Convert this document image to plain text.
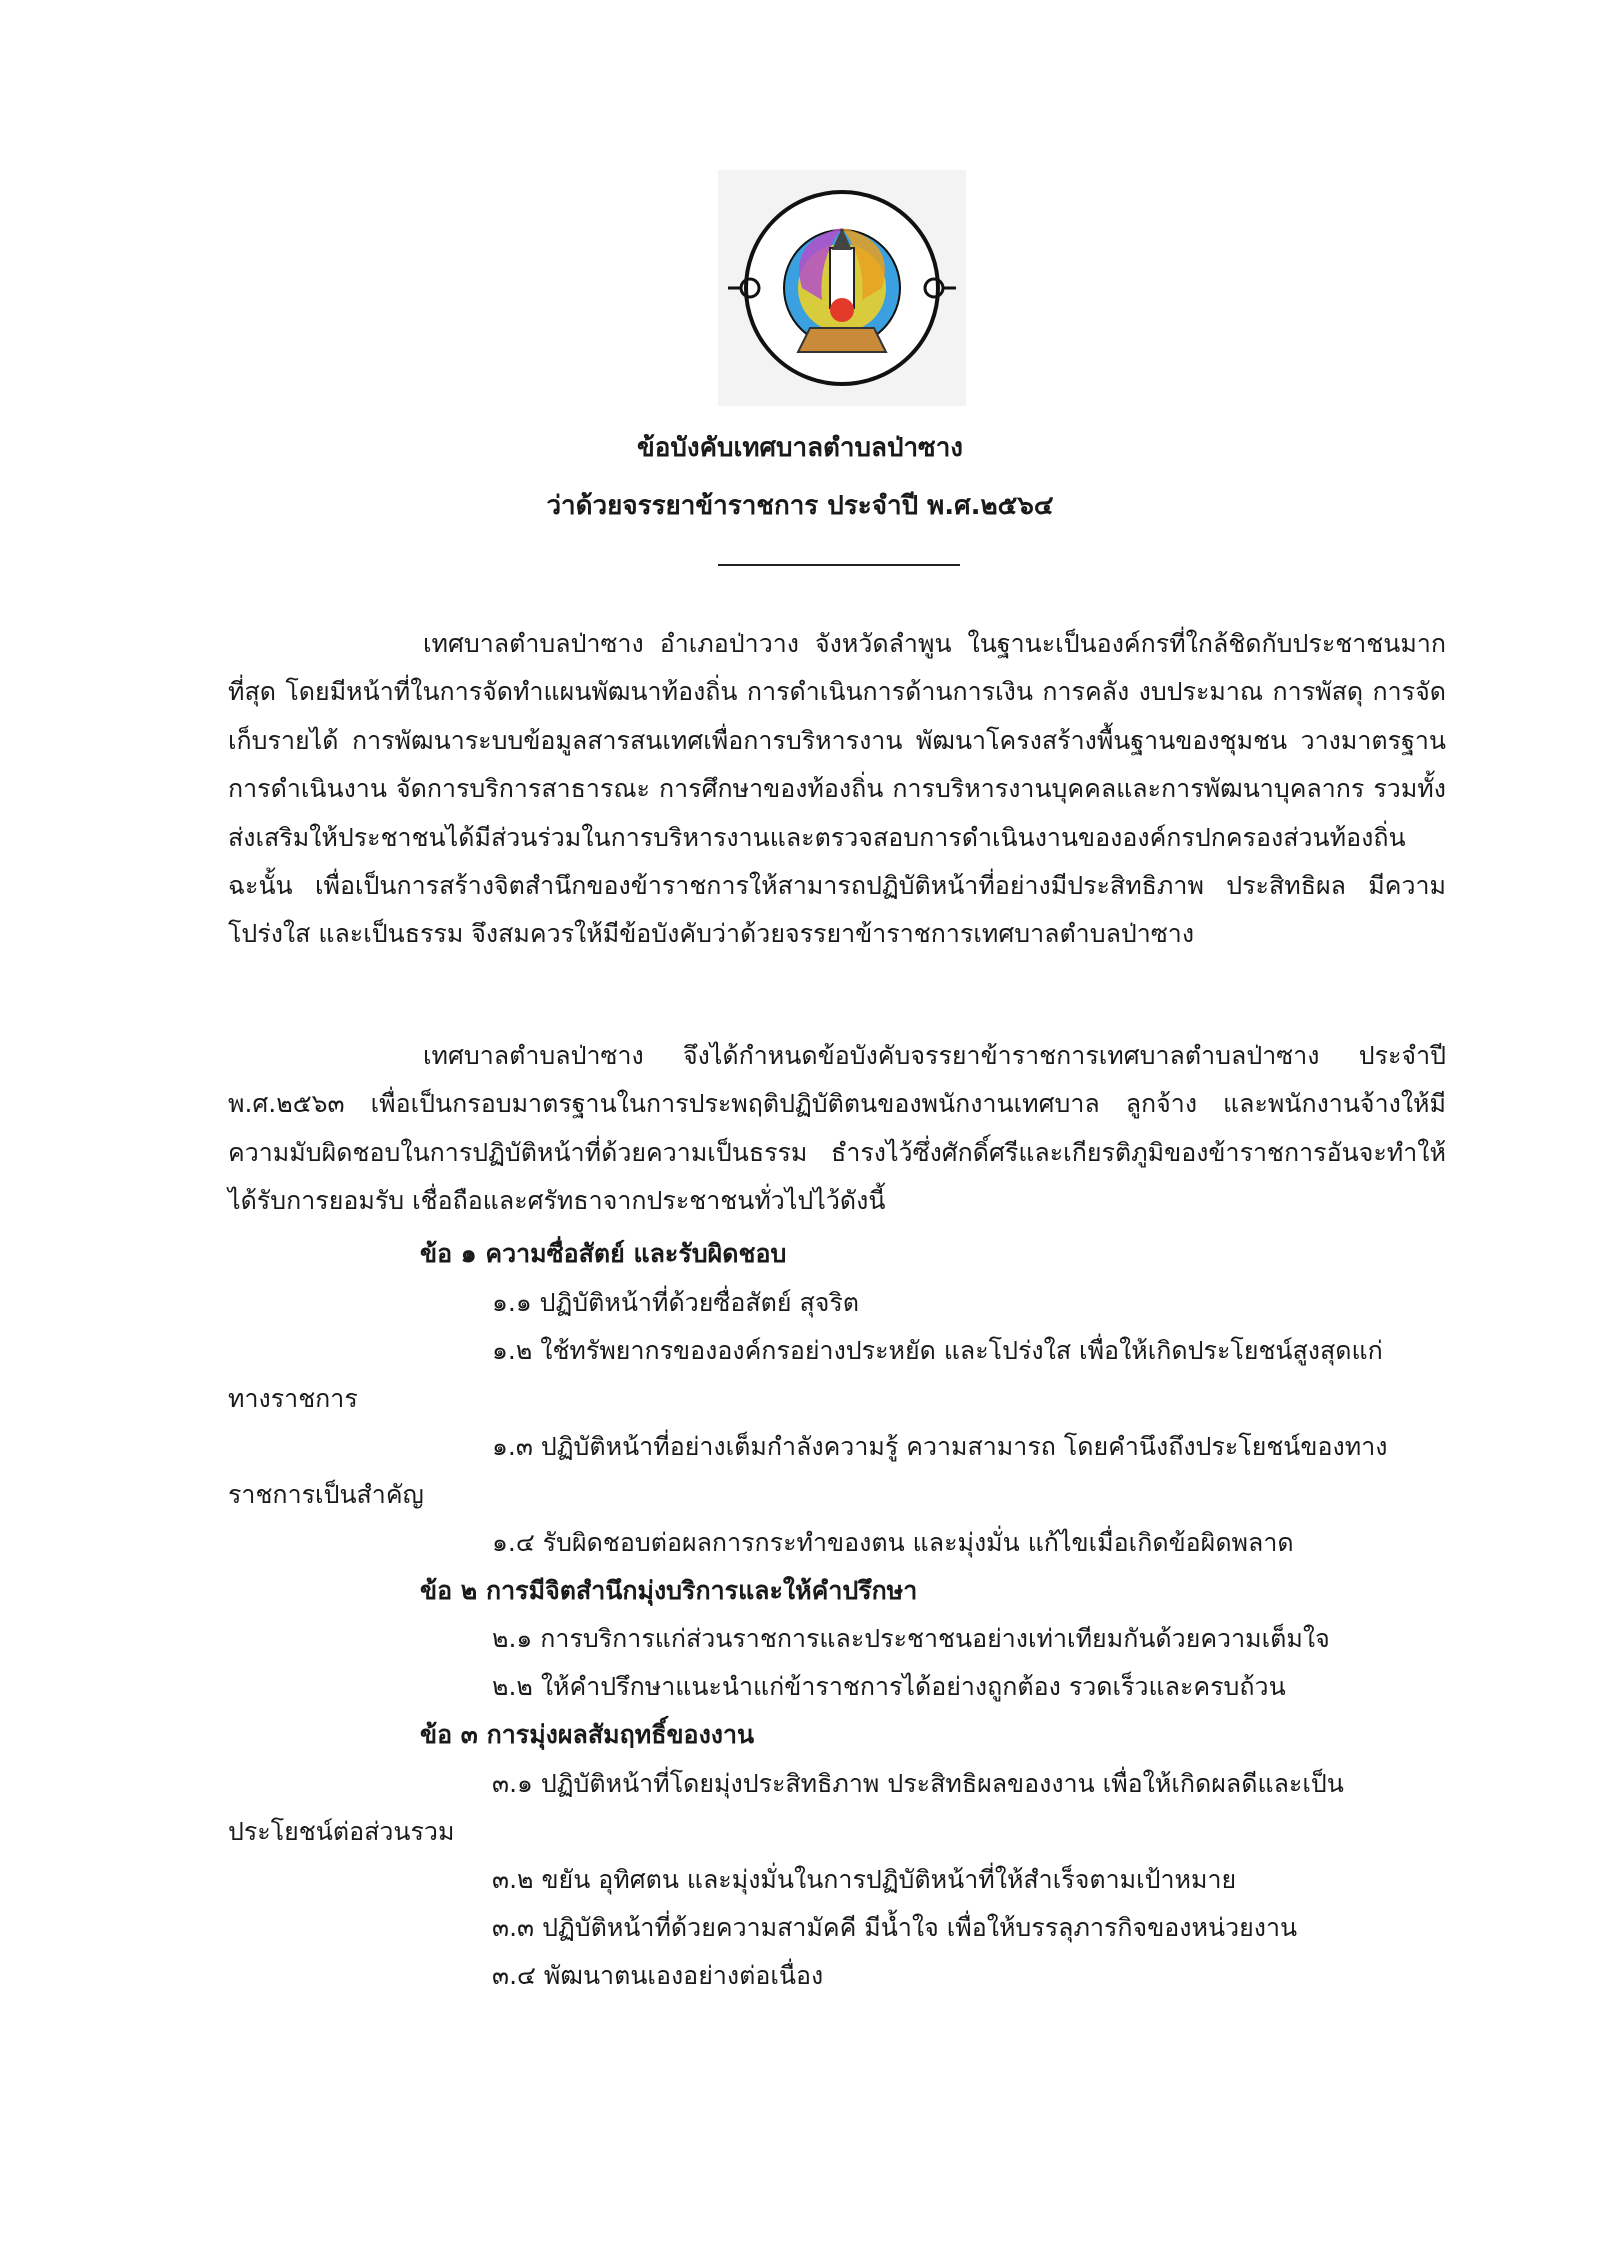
ข้อบังคับเทศบาลตำบลป่าซาง
ว่าด้วยจรรยาข้าราชการ ประจำปี พ.ศ.๒๕๖๔

เทศบาลตำบลป่าซาง อำเภอป่าวาง จังหวัดลำพูน ในฐานะเป็นองค์กรที่ใกล้ชิดกับประชาชนมากที่สุด โดยมีหน้าที่ในการจัดทำแผนพัฒนาท้องถิ่น การดำเนินการด้านการเงิน การคลัง งบประมาณ การพัสดุ การจัดเก็บรายได้ การพัฒนาระบบข้อมูลสารสนเทศเพื่อการบริหารงาน พัฒนาโครงสร้างพื้นฐานของชุมชน วางมาตรฐาน การดำเนินงาน จัดการบริการสาธารณะ การศึกษาของท้องถิ่น การบริหารงานบุคคลและการพัฒนาบุคลากร รวมทั้งส่งเสริมให้ประชาชนได้มีส่วนร่วมในการบริหารงานและตรวจสอบการดำเนินงานขององค์กรปกครองส่วนท้องถิ่น ฉะนั้น เพื่อเป็นการสร้างจิตสำนึกของข้าราชการให้สามารถปฏิบัติหน้าที่อย่างมีประสิทธิภาพ ประสิทธิผล มีความโปร่งใส และเป็นธรรม จึงสมควรให้มีข้อบังคับว่าด้วยจรรยาข้าราชการเทศบาลตำบลป่าซาง

เทศบาลตำบลป่าซาง จึงได้กำหนดข้อบังคับจรรยาข้าราชการเทศบาลตำบลป่าซาง ประจำปี พ.ศ.๒๕๖๓ เพื่อเป็นกรอบมาตรฐานในการประพฤติปฏิบัติตนของพนักงานเทศบาล ลูกจ้าง และพนักงานจ้างให้มีความมับผิดชอบในการปฏิบัติหน้าที่ด้วยความเป็นธรรม ธำรงไว้ซึ่งศักดิ์ศรีและเกียรติภูมิของข้าราชการอันจะทำให้ได้รับการยอมรับ เชื่อถือและศรัทธาจากประชาชนทั่วไปไว้ดังนี้

ข้อ ๑ ความซื่อสัตย์ และรับผิดชอบ

๑.๑ ปฏิบัติหน้าที่ด้วยซื่อสัตย์ สุจริต

๑.๒ ใช้ทรัพยากรขององค์กรอย่างประหยัด และโปร่งใส เพื่อให้เกิดประโยชน์สูงสุดแก่

ทางราชการ

๑.๓ ปฏิบัติหน้าที่อย่างเต็มกำลังความรู้ ความสามารถ โดยคำนึงถึงประโยชน์ของทาง

ราชการเป็นสำคัญ

๑.๔ รับผิดชอบต่อผลการกระทำของตน และมุ่งมั่น แก้ไขเมื่อเกิดข้อผิดพลาด

ข้อ ๒ การมีจิตสำนึกมุ่งบริการและให้คำปรึกษา

๒.๑ การบริการแก่ส่วนราชการและประชาชนอย่างเท่าเทียมกันด้วยความเต็มใจ

๒.๒ ให้คำปรึกษาแนะนำแก่ข้าราชการได้อย่างถูกต้อง รวดเร็วและครบถ้วน

ข้อ ๓ การมุ่งผลสัมฤทธิ์ของงาน

๓.๑ ปฏิบัติหน้าที่โดยมุ่งประสิทธิภาพ ประสิทธิผลของงาน เพื่อให้เกิดผลดีและเป็น

ประโยชน์ต่อส่วนรวม

๓.๒ ขยัน อุทิศตน และมุ่งมั่นในการปฏิบัติหน้าที่ให้สำเร็จตามเป้าหมาย

๓.๓ ปฏิบัติหน้าที่ด้วยความสามัคคี มีน้ำใจ เพื่อให้บรรลุภารกิจของหน่วยงาน

๓.๔ พัฒนาตนเองอย่างต่อเนื่อง
